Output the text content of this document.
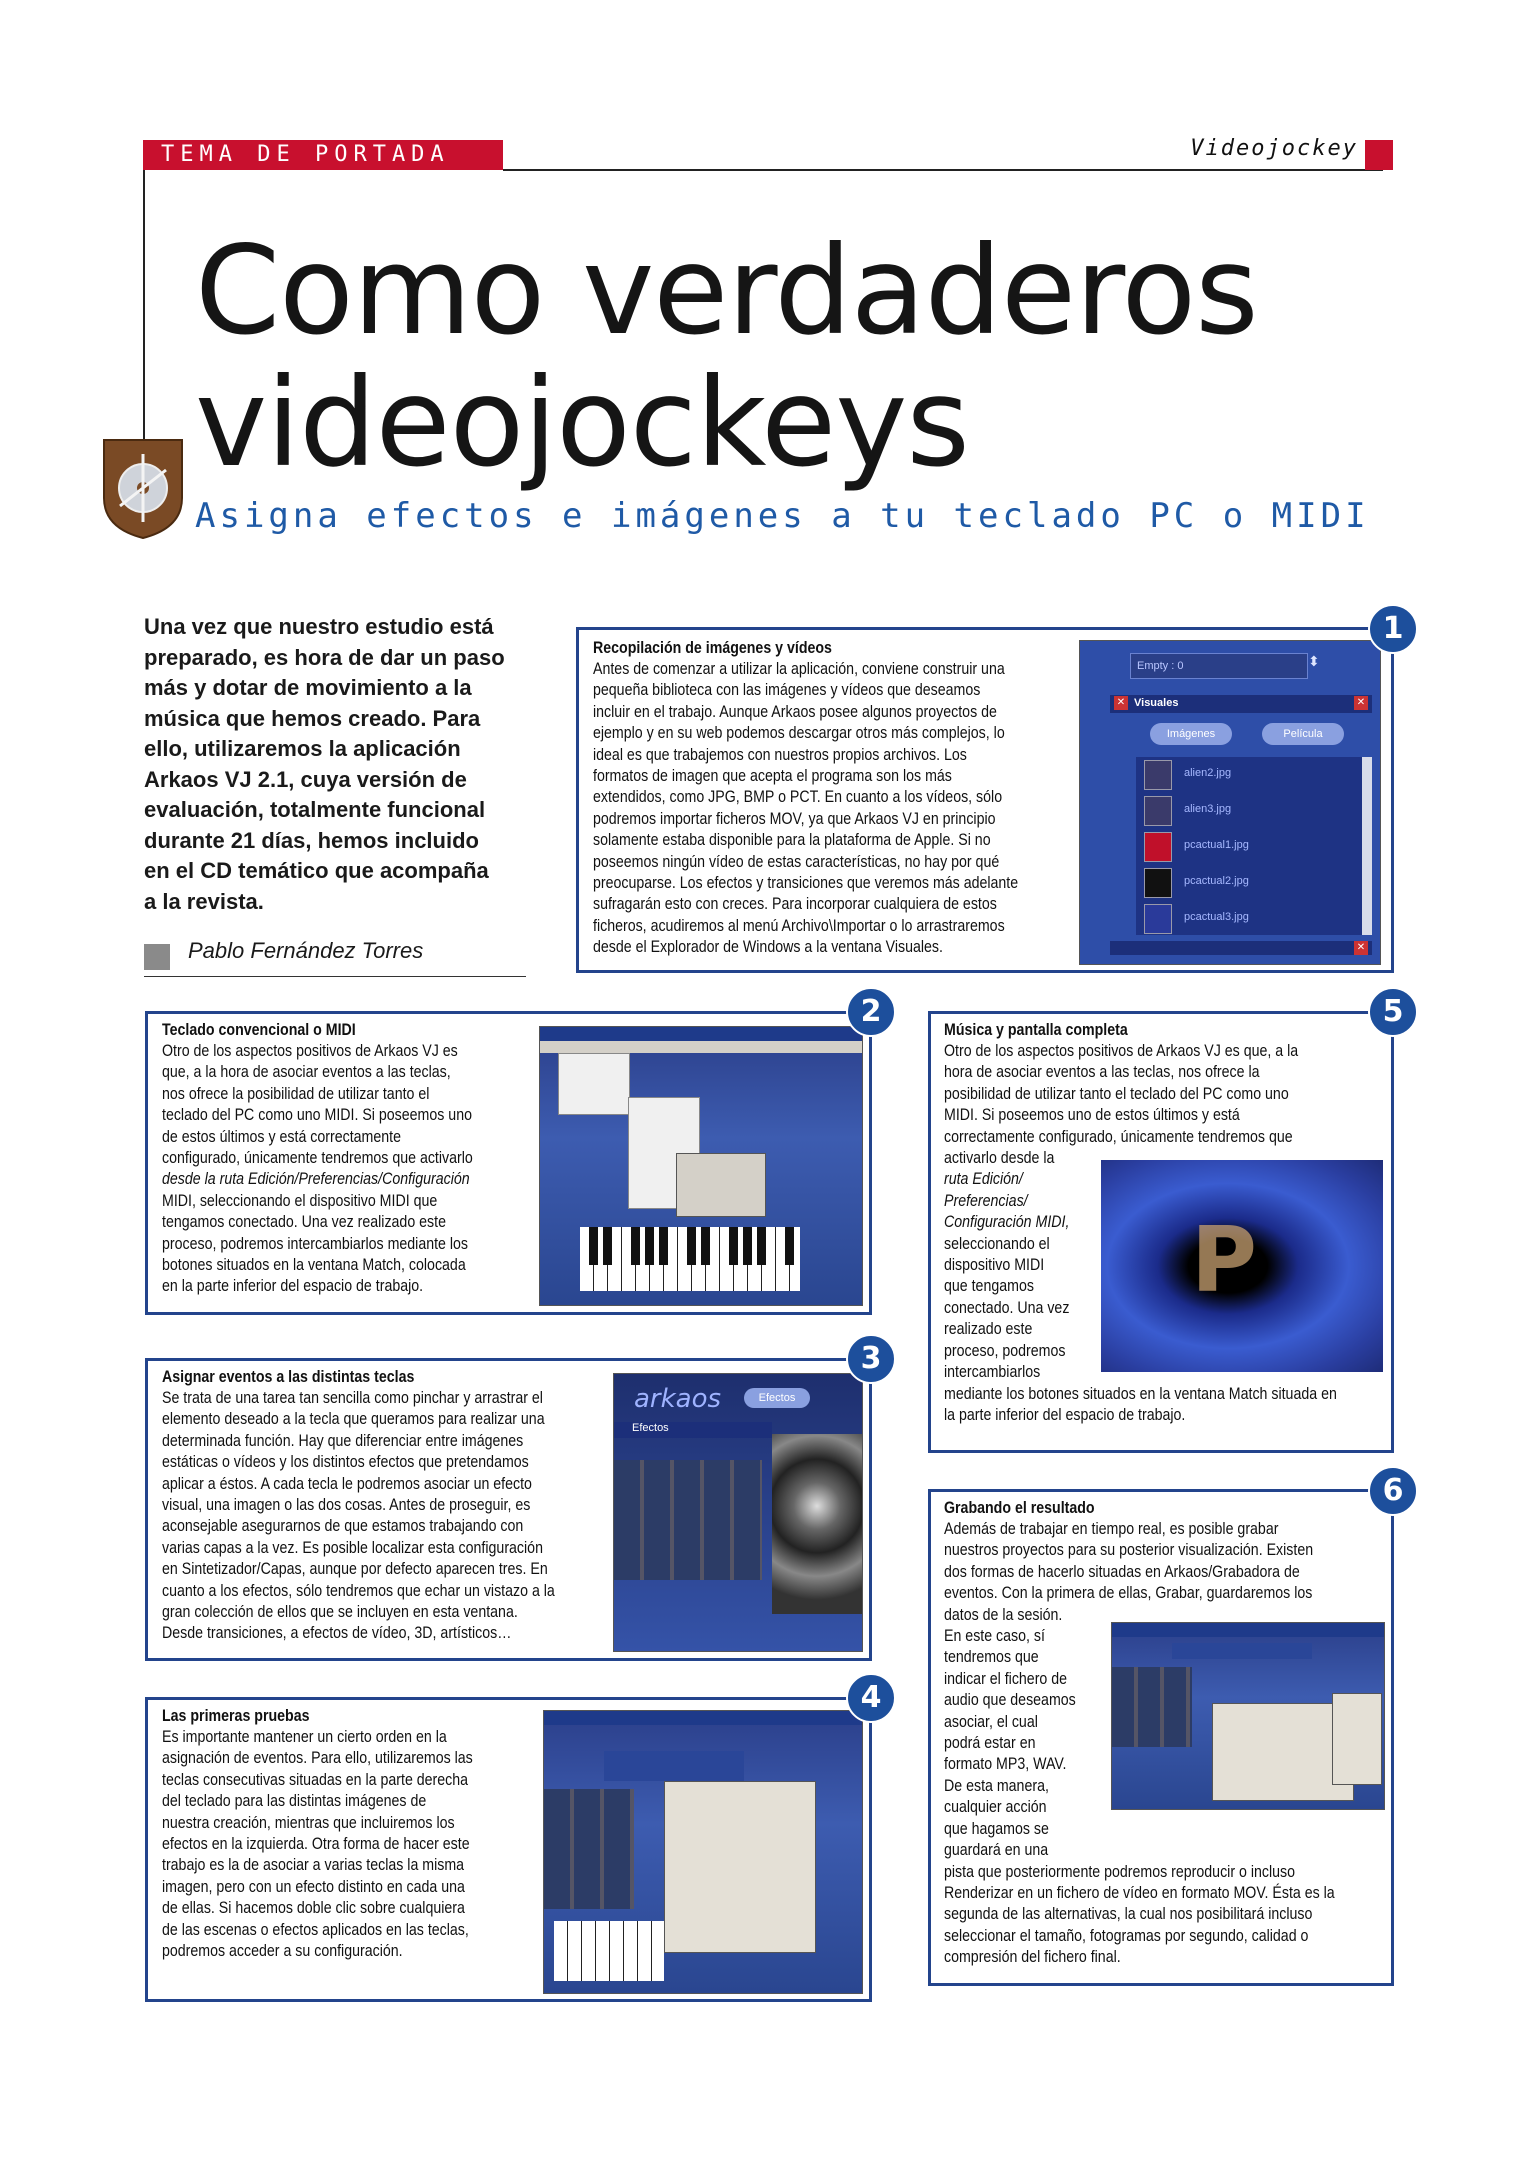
TEMA DE PORTADA	Videojockey
Como verdaderos
videojockeys
Asigna efectos e imágenes a tu teclado PC o MIDI
Una vez que nuestro estudio está
preparado, es hora de dar un paso
más y dotar de movimiento a la
música que hemos creado. Para
ello, utilizaremos la aplicación
Arkaos VJ 2.1, cuya versión de
evaluación, totalmente funcional
durante 21 días, hemos incluido
en el CD temático que acompaña
a la revista.
Pablo Fernández Torres
Recopilación de imágenes y vídeos
Antes de comenzar a utilizar la aplicación, conviene construir una
pequeña biblioteca con las imágenes y vídeos que deseamos
incluir en el trabajo. Aunque Arkaos posee algunos proyectos de
ejemplo y en su web podemos descargar otros más complejos, lo
ideal es que trabajemos con nuestros propios archivos. Los
formatos de imagen que acepta el programa son los más
extendidos, como JPG, BMP o PCT. En cuanto a los vídeos, sólo
podremos importar ficheros MOV, ya que Arkaos VJ en principio
solamente estaba disponible para la plataforma de Apple. Si no
poseemos ningún vídeo de estas características, no hay por qué
preocuparse. Los efectos y transiciones que veremos más adelante
sufragarán esto con creces. Para incorporar cualquiera de estos
ficheros, acudiremos al menú Archivo\Importar o lo arrastraremos
desde el Explorador de Windows a la ventana Visuales.
Empty : 0	⬍
✕ Visuales	✕
Imágenes	Película
alien2.jpg
alien3.jpg
pcactual1.jpg
pcactual2.jpg
pcactual3.jpg
✕
1
Teclado convencional o MIDI
Otro de los aspectos positivos de Arkaos VJ es
que, a la hora de asociar eventos a las teclas,
nos ofrece la posibilidad de utilizar tanto el
teclado del PC como uno MIDI. Si poseemos uno
de estos últimos y está correctamente
configurado, únicamente tendremos que activarlo
desde la ruta Edición/Preferencias/Configuración
MIDI, seleccionando el dispositivo MIDI que
tengamos conectado. Una vez realizado este
proceso, podremos intercambiarlos mediante los
botones situados en la ventana Match, colocada
en la parte inferior del espacio de trabajo.
2
Asignar eventos a las distintas teclas
Se trata de una tarea tan sencilla como pinchar y arrastrar el
elemento deseado a la tecla que queramos para realizar una
determinada función. Hay que diferenciar entre imágenes
estáticas o vídeos y los distintos efectos que pretendamos
aplicar a éstos. A cada tecla le podremos asociar un efecto
visual, una imagen o las dos cosas. Antes de proseguir, es
aconsejable asegurarnos de que estamos trabajando con
varias capas a la vez. Es posible localizar esta configuración
en Sintetizador/Capas, aunque por defecto aparecen tres. En
cuanto a los efectos, sólo tendremos que echar un vistazo a la
gran colección de ellos que se incluyen en esta ventana.
Desde transiciones, a efectos de vídeo, 3D, artísticos…
arkaos	Efectos
Efectos
3
Las primeras pruebas
Es importante mantener un cierto orden en la
asignación de eventos. Para ello, utilizaremos las
teclas consecutivas situadas en la parte derecha
del teclado para las distintas imágenes de
nuestra creación, mientras que incluiremos los
efectos en la izquierda. Otra forma de hacer este
trabajo es la de asociar a varias teclas la misma
imagen, pero con un efecto distinto en cada una
de ellas. Si hacemos doble clic sobre cualquiera
de las escenas o efectos aplicados en las teclas,
podremos acceder a su configuración.
4
Música y pantalla completa
Otro de los aspectos positivos de Arkaos VJ es que, a la
hora de asociar eventos a las teclas, nos ofrece la
posibilidad de utilizar tanto el teclado del PC como uno
MIDI. Si poseemos uno de estos últimos y está
correctamente configurado, únicamente tendremos que
activarlo desde la
ruta Edición/
Preferencias/
Configuración MIDI,
seleccionando el
dispositivo MIDI
que tengamos
conectado. Una vez
realizado este
proceso, podremos
intercambiarlos
mediante los botones situados en la ventana Match situada en
la parte inferior del espacio de trabajo.
P
5
Grabando el resultado
Además de trabajar en tiempo real, es posible grabar
nuestros proyectos para su posterior visualización. Existen
dos formas de hacerlo situadas en Arkaos/Grabadora de
eventos. Con la primera de ellas, Grabar, guardaremos los
datos de la sesión.
En este caso, sí
tendremos que
indicar el fichero de
audio que deseamos
asociar, el cual
podrá estar en
formato MP3, WAV.
De esta manera,
cualquier acción
que hagamos se
guardará en una
pista que posteriormente podremos reproducir o incluso
Renderizar en un fichero de vídeo en formato MOV. Ésta es la
segunda de las alternativas, la cual nos posibilitará incluso
seleccionar el tamaño, fotogramas por segundo, calidad o
compresión del fichero final.
6
